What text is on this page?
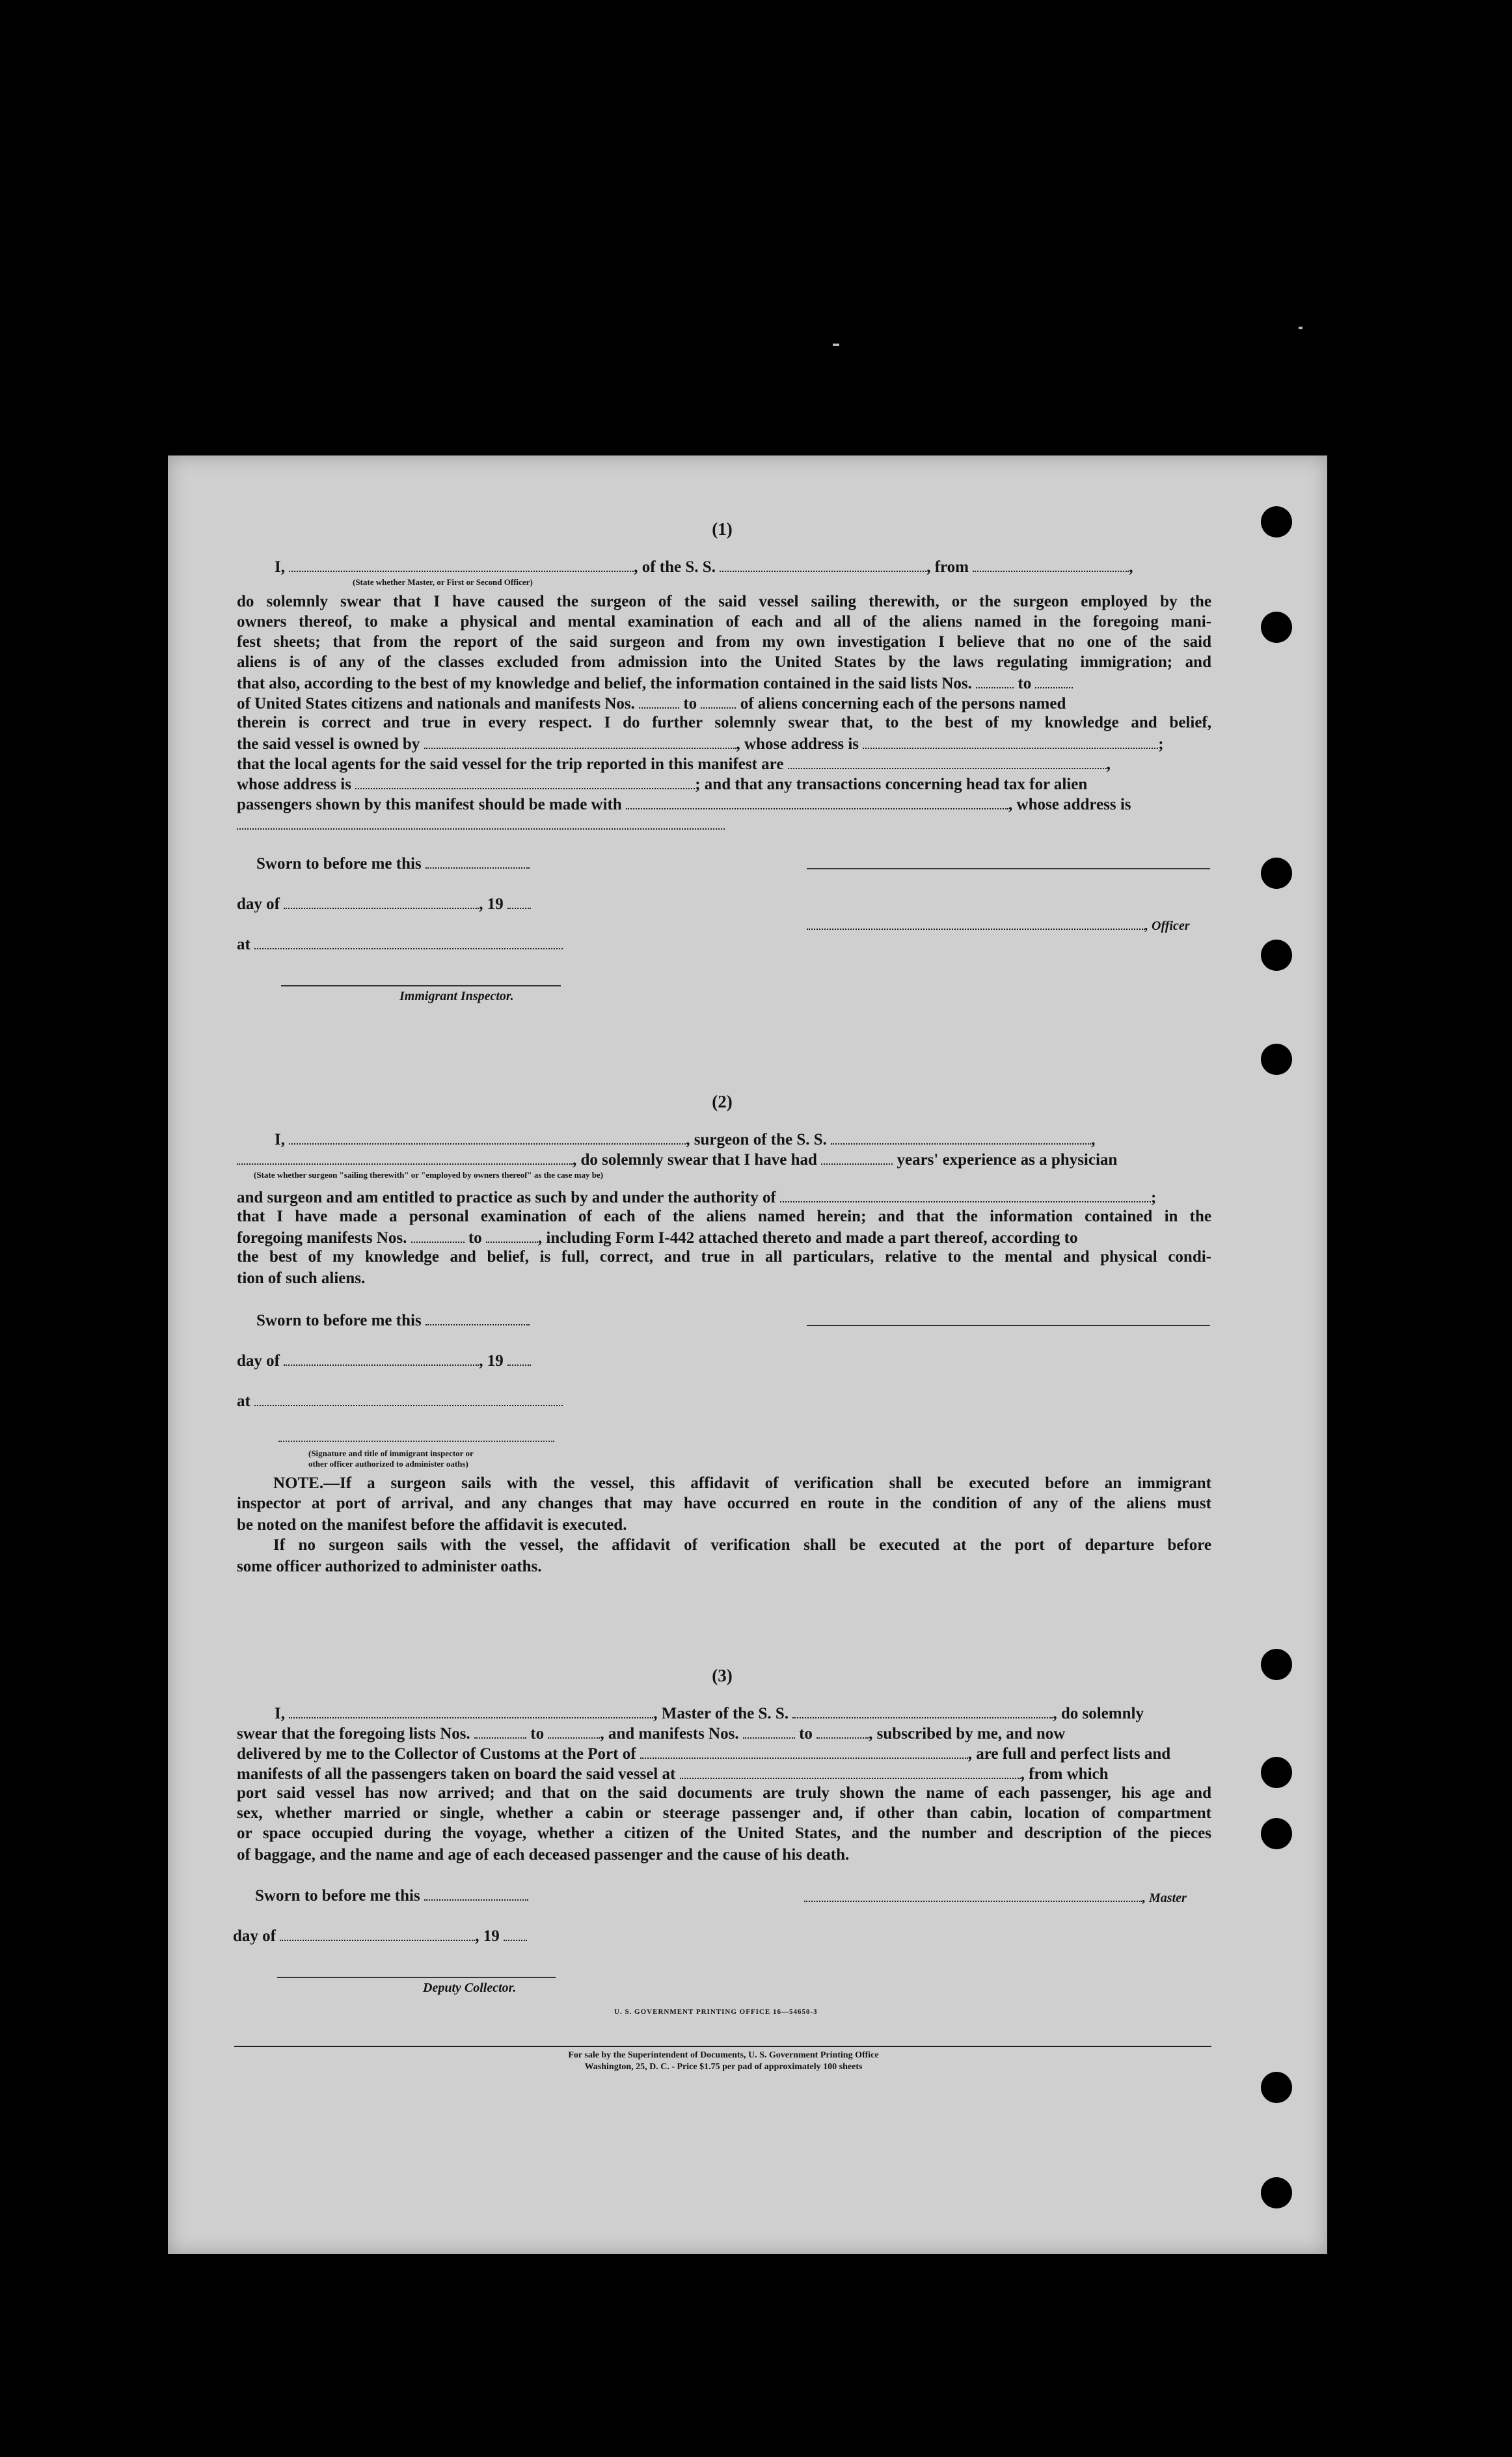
(1)
I,	, of the S. S.	, from	,
(State whether Master, or First or Second Officer)
do solemnly swear that I have caused the surgeon of the said vessel sailing therewith, or the surgeon employed by the
owners thereof, to make a physical and mental examination of each and all of the aliens named in the foregoing mani-
fest sheets; that from the report of the said surgeon and from my own investigation I believe that no one of the said
aliens is of any of the classes excluded from admission into the United States by the laws regulating immigration; and
that also, according to the best of my knowledge and belief, the information contained in the said lists Nos.	to
of United States citizens and nationals and manifests Nos.	to	of aliens concerning each of the persons named
therein is correct and true in every respect. I do further solemnly swear that, to the best of my knowledge and belief,
the said vessel is owned by	, whose address is	;
that the local agents for the said vessel for the trip reported in this manifest are	,
whose address is	; and that any transactions concerning head tax for alien
passengers shown by this manifest should be made with	, whose address is
Sworn to before me this
day of	, 19
at
Immigrant Inspector.
, Officer
(2)
I,	, surgeon of the S. S.	,
, do solemnly swear that I have had	years' experience as a physician
(State whether surgeon "sailing therewith" or "employed by owners thereof" as the case may be)
and surgeon and am entitled to practice as such by and under the authority of	;
that I have made a personal examination of each of the aliens named herein; and that the information contained in the
foregoing manifests Nos.	to	, including Form I-442 attached thereto and made a part thereof, according to
the best of my knowledge and belief, is full, correct, and true in all particulars, relative to the mental and physical condi-
tion of such aliens.
Sworn to before me this
day of	, 19
at
(Signature and title of immigrant inspector or
other officer authorized to administer oaths)
NOTE.—If a surgeon sails with the vessel, this affidavit of verification shall be executed before an immigrant
inspector at port of arrival, and any changes that may have occurred en route in the condition of any of the aliens must
be noted on the manifest before the affidavit is executed.
If no surgeon sails with the vessel, the affidavit of verification shall be executed at the port of departure before
some officer authorized to administer oaths.
(3)
I,	, Master of the S. S.	, do solemnly
swear that the foregoing lists Nos.	to	, and manifests Nos.	to	, subscribed by me, and now
delivered by me to the Collector of Customs at the Port of	, are full and perfect lists and
manifests of all the passengers taken on board the said vessel at	, from which
port said vessel has now arrived; and that on the said documents are truly shown the name of each passenger, his age and
sex, whether married or single, whether a cabin or steerage passenger and, if other than cabin, location of compartment
or space occupied during the voyage, whether a citizen of the United States, and the number and description of the pieces
of baggage, and the name and age of each deceased passenger and the cause of his death.
Sworn to before me this	, Master
day of	, 19
Deputy Collector.
U. S. GOVERNMENT PRINTING OFFICE 16—54650-3
For sale by the Superintendent of Documents, U. S. Government Printing Office
Washington, 25, D. C. - Price $1.75 per pad of approximately 100 sheets
